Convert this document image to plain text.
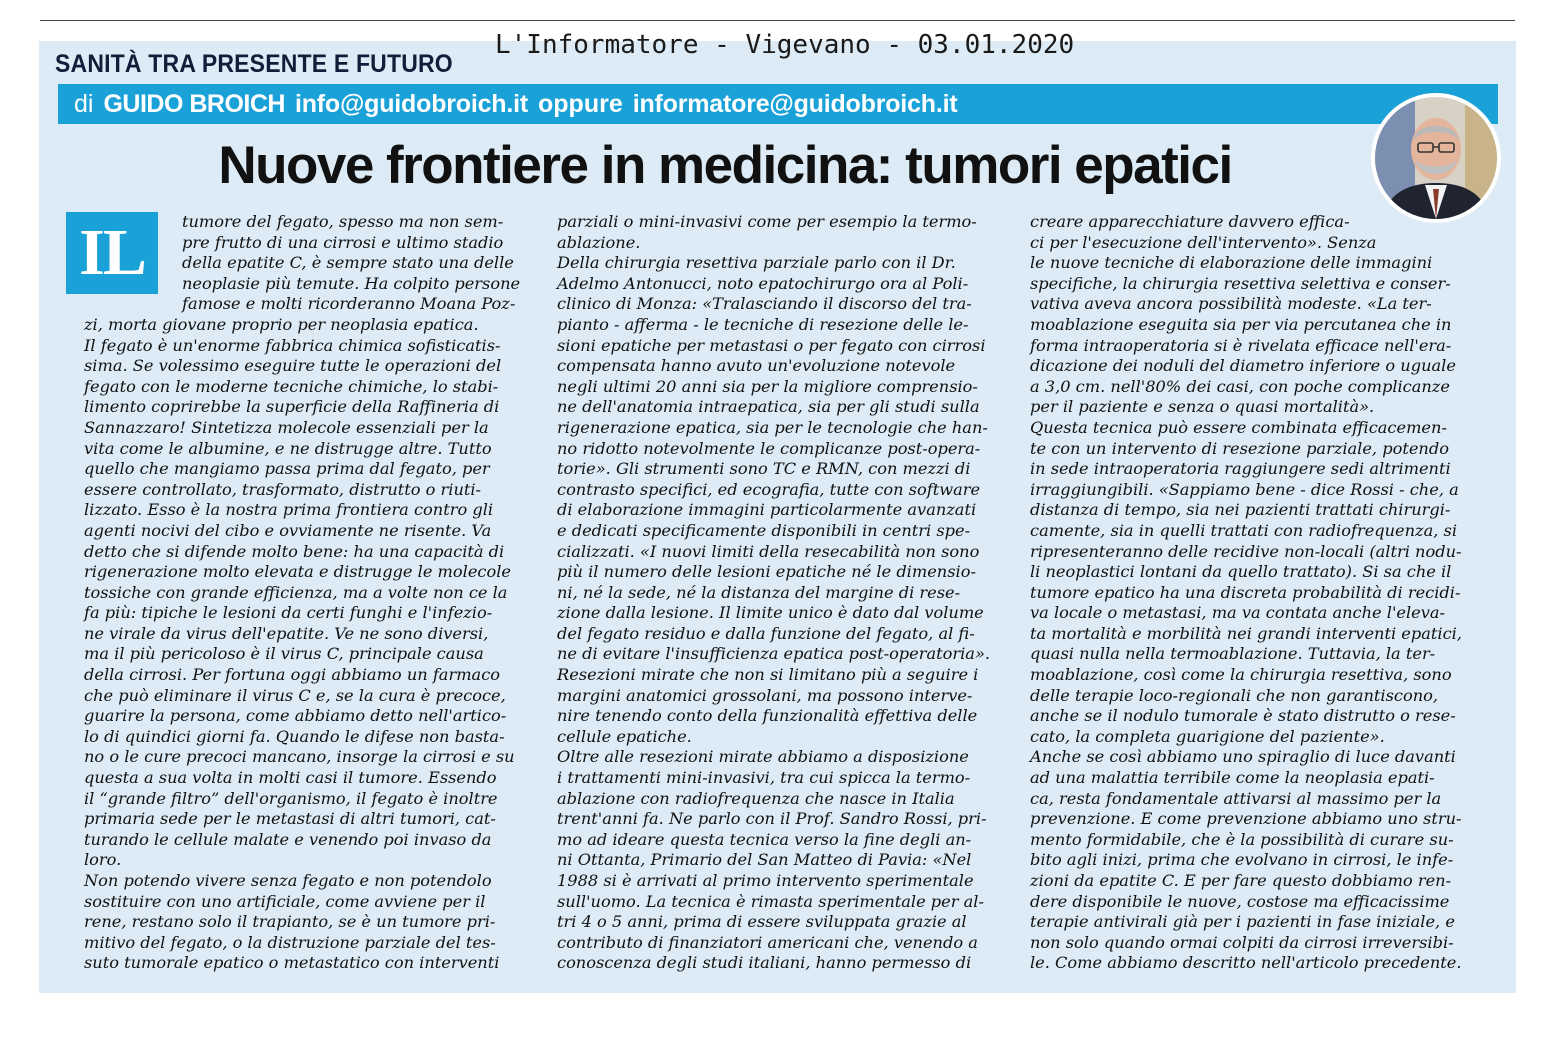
L'Informatore - Vigevano - 03.01.2020
SANITÀ TRA PRESENTE E FUTURO
di GUIDO BROICH info@guidobroich.it oppure informatore@guidobroich.it
Nuove frontiere in medicina: tumori epatici
IL	tumore del fegato, spesso ma non sem-
pre frutto di una cirrosi e ultimo stadio
della epatite C, è sempre stato una delle
neoplasie più temute. Ha colpito persone
famose e molti ricorderanno Moana Poz-
zi, morta giovane proprio per neoplasia epatica.
Il fegato è un'enorme fabbrica chimica sofisticatis-
sima. Se volessimo eseguire tutte le operazioni del
fegato con le moderne tecniche chimiche, lo stabi-
limento coprirebbe la superficie della Raffineria di
Sannazzaro! Sintetizza molecole essenziali per la
vita come le albumine, e ne distrugge altre. Tutto
quello che mangiamo passa prima dal fegato, per
essere controllato, trasformato, distrutto o riuti-
lizzato. Esso è la nostra prima frontiera contro gli
agenti nocivi del cibo e ovviamente ne risente. Va
detto che si difende molto bene: ha una capacità di
rigenerazione molto elevata e distrugge le molecole
tossiche con grande efficienza, ma a volte non ce la
fa più: tipiche le lesioni da certi funghi e l'infezio-
ne virale da virus dell'epatite. Ve ne sono diversi,
ma il più pericoloso è il virus C, principale causa
della cirrosi. Per fortuna oggi abbiamo un farmaco
che può eliminare il virus C e, se la cura è precoce,
guarire la persona, come abbiamo detto nell'artico-
lo di quindici giorni fa. Quando le difese non basta-
no o le cure precoci mancano, insorge la cirrosi e su
questa a sua volta in molti casi il tumore. Essendo
il “grande filtro” dell'organismo, il fegato è inoltre
primaria sede per le metastasi di altri tumori, cat-
turando le cellule malate e venendo poi invaso da
loro.
Non potendo vivere senza fegato e non potendolo
sostituire con uno artificiale, come avviene per il
rene, restano solo il trapianto, se è un tumore pri-
mitivo del fegato, o la distruzione parziale del tes-
suto tumorale epatico o metastatico con interventi
parziali o mini-invasivi come per esempio la termo-
ablazione.
Della chirurgia resettiva parziale parlo con il Dr.
Adelmo Antonucci, noto epatochirurgo ora al Poli-
clinico di Monza: «Tralasciando il discorso del tra-
pianto - afferma - le tecniche di resezione delle le-
sioni epatiche per metastasi o per fegato con cirrosi
compensata hanno avuto un'evoluzione notevole
negli ultimi 20 anni sia per la migliore comprensio-
ne dell'anatomia intraepatica, sia per gli studi sulla
rigenerazione epatica, sia per le tecnologie che han-
no ridotto notevolmente le complicanze post-opera-
torie». Gli strumenti sono TC e RMN, con mezzi di
contrasto specifici, ed ecografia, tutte con software
di elaborazione immagini particolarmente avanzati
e dedicati specificamente disponibili in centri spe-
cializzati. «I nuovi limiti della resecabilità non sono
più il numero delle lesioni epatiche né le dimensio-
ni, né la sede, né la distanza del margine di rese-
zione dalla lesione. Il limite unico è dato dal volume
del fegato residuo e dalla funzione del fegato, al fi-
ne di evitare l'insufficienza epatica post-operatoria».
Resezioni mirate che non si limitano più a seguire i
margini anatomici grossolani, ma possono interve-
nire tenendo conto della funzionalità effettiva delle
cellule epatiche.
Oltre alle resezioni mirate abbiamo a disposizione
i trattamenti mini-invasivi, tra cui spicca la termo-
ablazione con radiofrequenza che nasce in Italia
trent'anni fa. Ne parlo con il Prof. Sandro Rossi, pri-
mo ad ideare questa tecnica verso la fine degli an-
ni Ottanta, Primario del San Matteo di Pavia: «Nel
1988 si è arrivati al primo intervento sperimentale
sull'uomo. La tecnica è rimasta sperimentale per al-
tri 4 o 5 anni, prima di essere sviluppata grazie al
contributo di finanziatori americani che, venendo a
conoscenza degli studi italiani, hanno permesso di
creare apparecchiature davvero effica-
ci per l'esecuzione dell'intervento». Senza
le nuove tecniche di elaborazione delle immagini
specifiche, la chirurgia resettiva selettiva e conser-
vativa aveva ancora possibilità modeste. «La ter-
moablazione eseguita sia per via percutanea che in
forma intraoperatoria si è rivelata efficace nell'era-
dicazione dei noduli del diametro inferiore o uguale
a 3,0 cm. nell'80% dei casi, con poche complicanze
per il paziente e senza o quasi mortalità».
Questa tecnica può essere combinata efficacemen-
te con un intervento di resezione parziale, potendo
in sede intraoperatoria raggiungere sedi altrimenti
irraggiungibili. «Sappiamo bene - dice Rossi - che, a
distanza di tempo, sia nei pazienti trattati chirurgi-
camente, sia in quelli trattati con radiofrequenza, si
ripresenteranno delle recidive non-locali (altri nodu-
li neoplastici lontani da quello trattato). Si sa che il
tumore epatico ha una discreta probabilità di recidi-
va locale o metastasi, ma va contata anche l'eleva-
ta mortalità e morbilità nei grandi interventi epatici,
quasi nulla nella termoablazione. Tuttavia, la ter-
moablazione, così come la chirurgia resettiva, sono
delle terapie loco-regionali che non garantiscono,
anche se il nodulo tumorale è stato distrutto o rese-
cato, la completa guarigione del paziente».
Anche se così abbiamo uno spiraglio di luce davanti
ad una malattia terribile come la neoplasia epati-
ca, resta fondamentale attivarsi al massimo per la
prevenzione. E come prevenzione abbiamo uno stru-
mento formidabile, che è la possibilità di curare su-
bito agli inizi, prima che evolvano in cirrosi, le infe-
zioni da epatite C. E per fare questo dobbiamo ren-
dere disponibile le nuove, costose ma efficacissime
terapie antivirali già per i pazienti in fase iniziale, e
non solo quando ormai colpiti da cirrosi irreversibi-
le. Come abbiamo descritto nell'articolo precedente.
